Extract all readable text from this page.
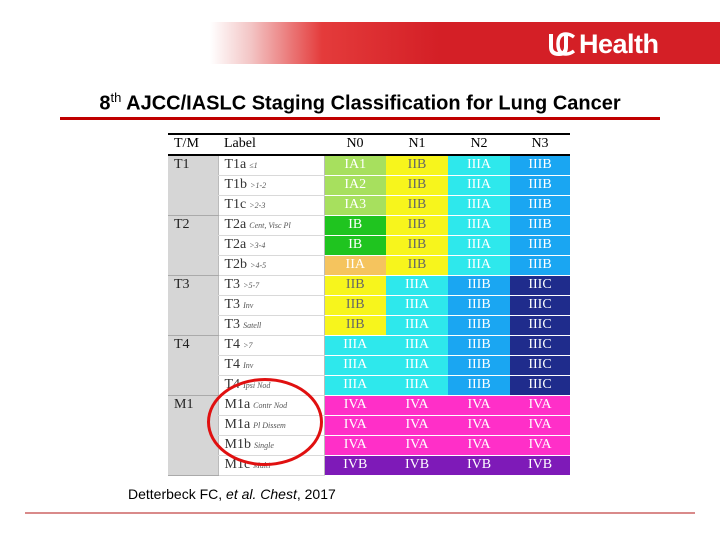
Health
8th AJCC/IASLC Staging Classification for Lung Cancer
T/M	Label	N0	N1	N2	N3
T1	T1a ≤1	IA1	IIB	IIIA	IIIB
	T1b >1-2	IA2	IIB	IIIA	IIIB
	T1c >2-3	IA3	IIB	IIIA	IIIB
T2	T2a Cent, Visc Pl	IB	IIB	IIIA	IIIB
	T2a >3-4	IB	IIB	IIIA	IIIB
	T2b >4-5	IIA	IIB	IIIA	IIIB
T3	T3 >5-7	IIB	IIIA	IIIB	IIIC
	T3 Inv	IIB	IIIA	IIIB	IIIC
	T3 Satell	IIB	IIIA	IIIB	IIIC
T4	T4 >7	IIIA	IIIA	IIIB	IIIC
	T4 Inv	IIIA	IIIA	IIIB	IIIC
	T4 Ipsi Nod	IIIA	IIIA	IIIB	IIIC
M1	M1a Contr Nod	IVA	IVA	IVA	IVA
	M1a Pl Dissem	IVA	IVA	IVA	IVA
	M1b Single	IVA	IVA	IVA	IVA
	M1c Multi	IVB	IVB	IVB	IVB
Detterbeck FC, et al. Chest, 2017
